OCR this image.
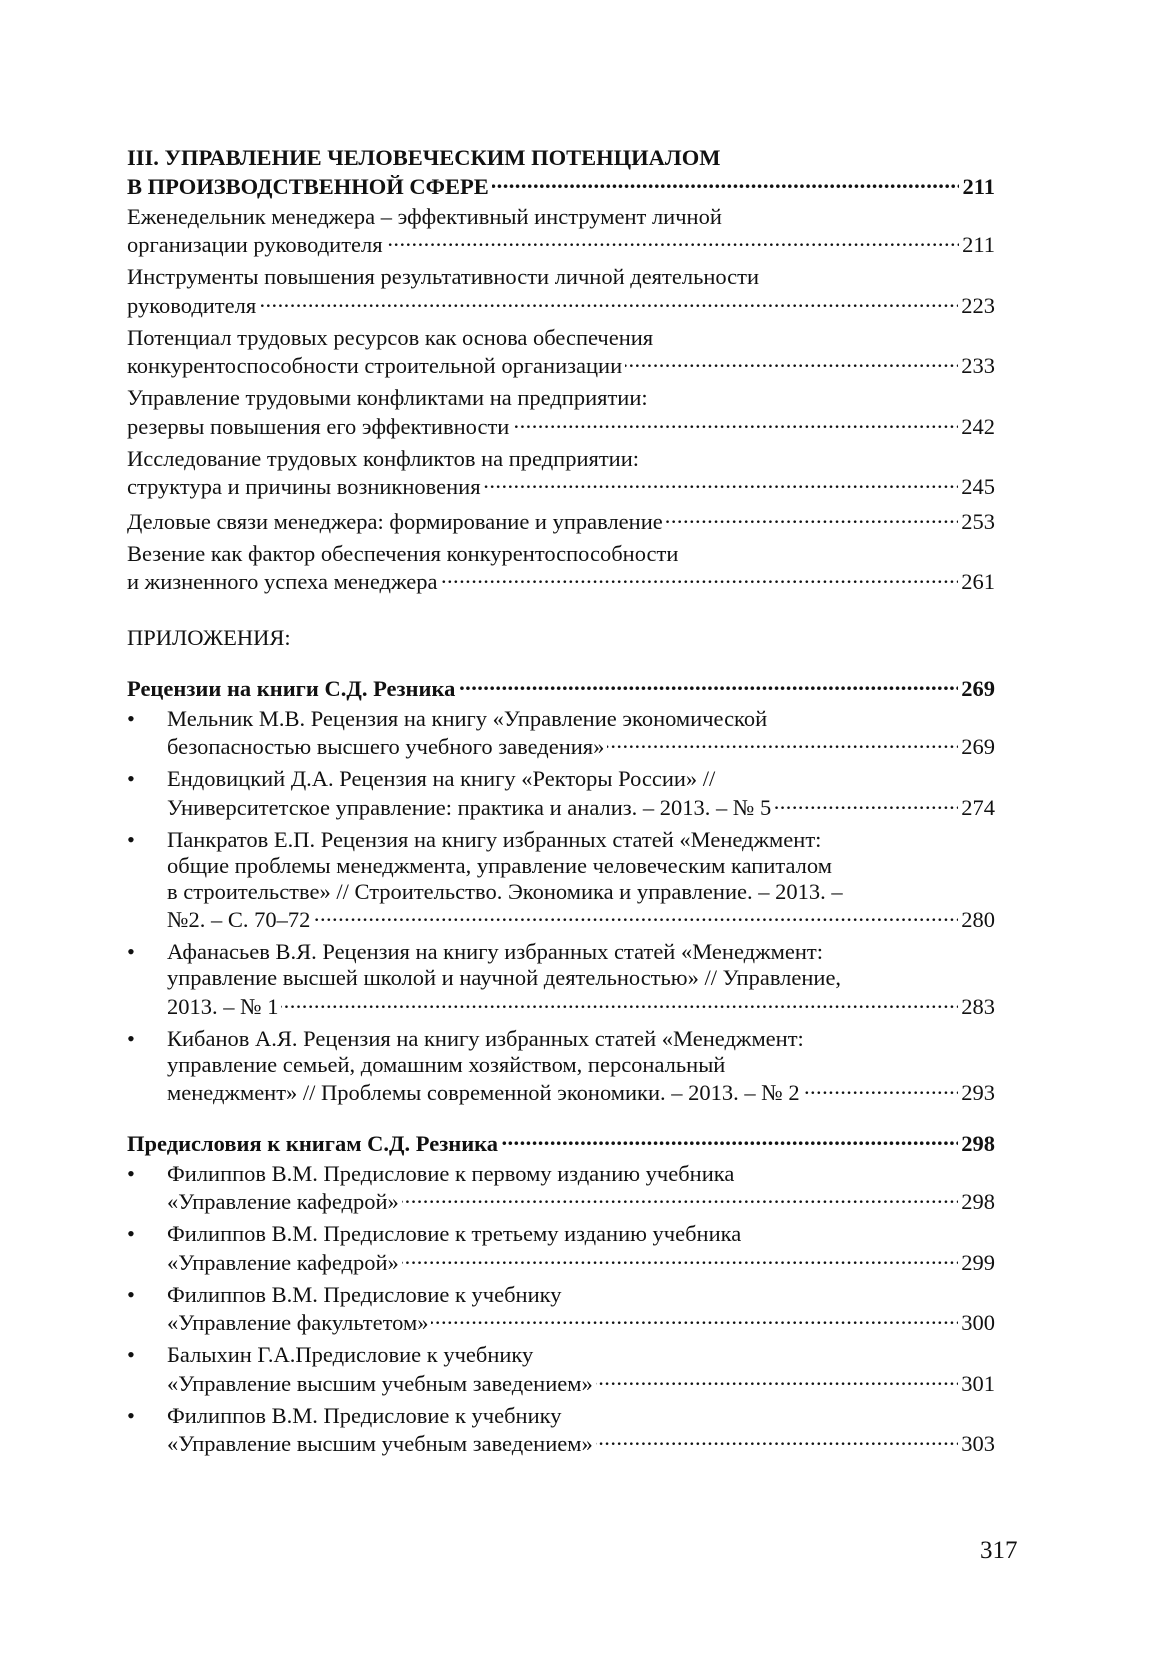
III. УПРАВЛЕНИЕ ЧЕЛОВЕЧЕСКИМ ПОТЕНЦИАЛОМ
В ПРОИЗВОДСТВЕННОЙ СФЕРЕ . . .	211
Еженедельник менеджера – эффективный инструмент личной
организации руководителя . . .	211
Инструменты повышения результативности личной деятельности
руководителя . . .	223
Потенциал трудовых ресурсов как основа обеспечения
конкурентоспособности строительной организации . . .	233
Управление трудовыми конфликтами на предприятии:
резервы повышения его эффективности . . .	242
Исследование трудовых конфликтов на предприятии:
структура и причины возникновения . . .	245
Деловые связи менеджера: формирование и управление . . .	253
Везение как фактор обеспечения конкурентоспособности
и жизненного успеха менеджера . . .	261
ПРИЛОЖЕНИЯ:
Рецензии на книги С.Д. Резника . . .	269
• Мельник М.В. Рецензия на книгу «Управление экономической
безопасностью высшего учебного заведения» . . .	269
• Ендовицкий Д.А. Рецензия на книгу «Ректоры России» //
Университетское управление: практика и анализ. – 2013. – № 5 . . .	274
• Панкратов Е.П. Рецензия на книгу избранных статей «Менеджмент:
общие проблемы менеджмента, управление человеческим капиталом
в строительстве» // Строительство. Экономика и управление. – 2013. –
№2. – С. 70–72 . . .	280
• Афанасьев В.Я. Рецензия на книгу избранных статей «Менеджмент:
управление высшей школой и научной деятельностью» // Управление,
2013. – № 1 . . .	283
• Кибанов А.Я. Рецензия на книгу избранных статей «Менеджмент:
управление семьей, домашним хозяйством, персональный
менеджмент» // Проблемы современной экономики. – 2013. – № 2 . . .	293
Предисловия к книгам С.Д. Резника . . .	298
• Филиппов В.М. Предисловие к первому изданию учебника
«Управление кафедрой» . . .	298
• Филиппов В.М. Предисловие к третьему изданию учебника
«Управление кафедрой» . . .	299
• Филиппов В.М. Предисловие к учебнику
«Управление факультетом» . . .	300
• Балыхин Г.А.Предисловие к учебнику
«Управление высшим учебным заведением» . . .	301
• Филиппов В.М. Предисловие к учебнику
«Управление высшим учебным заведением» . . .	303
317
